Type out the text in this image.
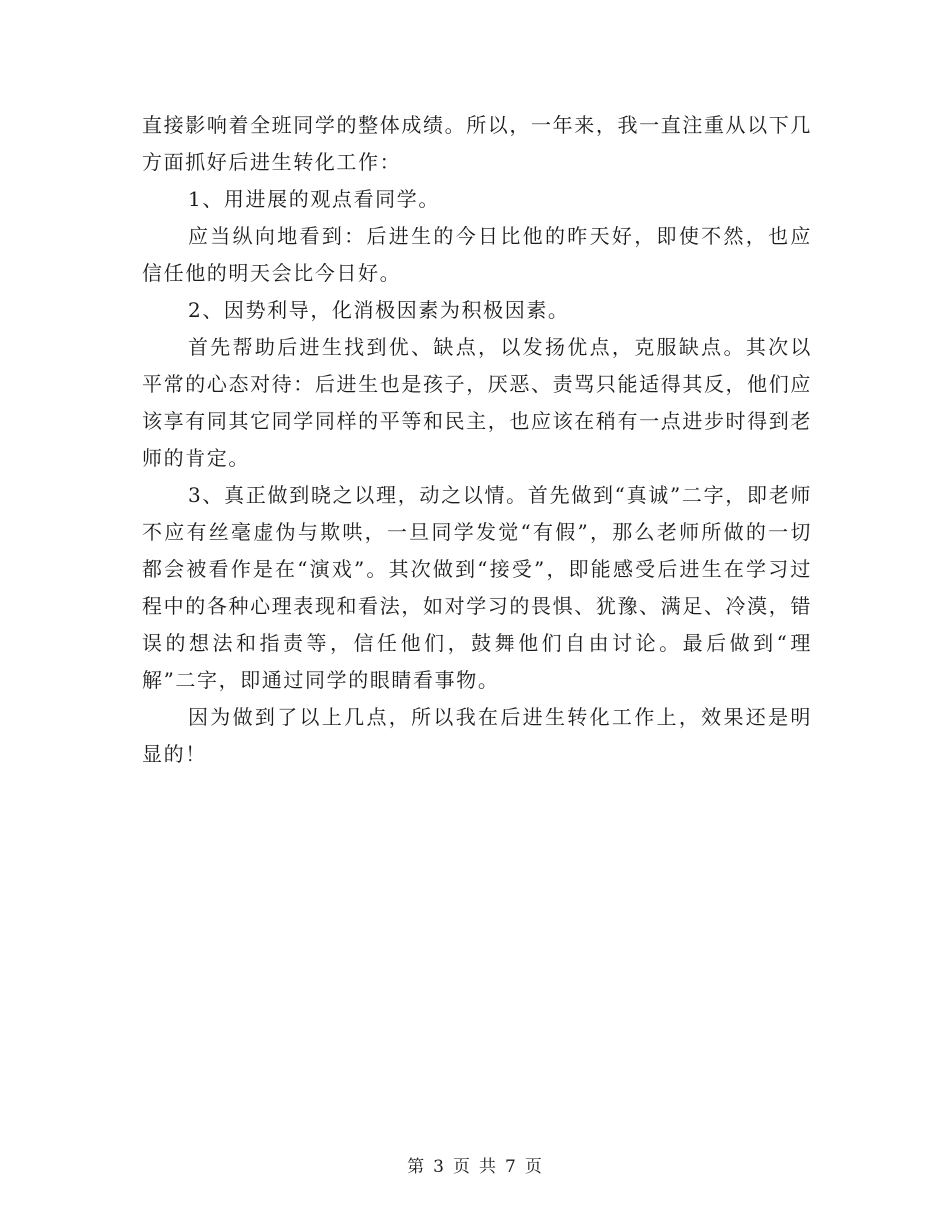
直接影响着全班同学的整体成绩。所以，一年来，我一直注重从以下几方面抓好后进生转化工作：

1、用进展的观点看同学。

应当纵向地看到：后进生的今日比他的昨天好，即使不然，也应信任他的明天会比今日好。

2、因势利导，化消极因素为积极因素。

首先帮助后进生找到优、缺点，以发扬优点，克服缺点。其次以平常的心态对待：后进生也是孩子，厌恶、责骂只能适得其反，他们应该享有同其它同学同样的平等和民主，也应该在稍有一点进步时得到老师的肯定。

3、真正做到晓之以理，动之以情。首先做到“真诚”二字，即老师不应有丝毫虚伪与欺哄，一旦同学发觉“有假”，那么老师所做的一切都会被看作是在“演戏”。其次做到“接受”，即能感受后进生在学习过程中的各种心理表现和看法，如对学习的畏惧、犹豫、满足、冷漠，错误的想法和指责等，信任他们，鼓舞他们自由讨论。最后做到“理解”二字，即通过同学的眼睛看事物。

因为做到了以上几点，所以我在后进生转化工作上，效果还是明显的！

第 3 页 共 7 页
